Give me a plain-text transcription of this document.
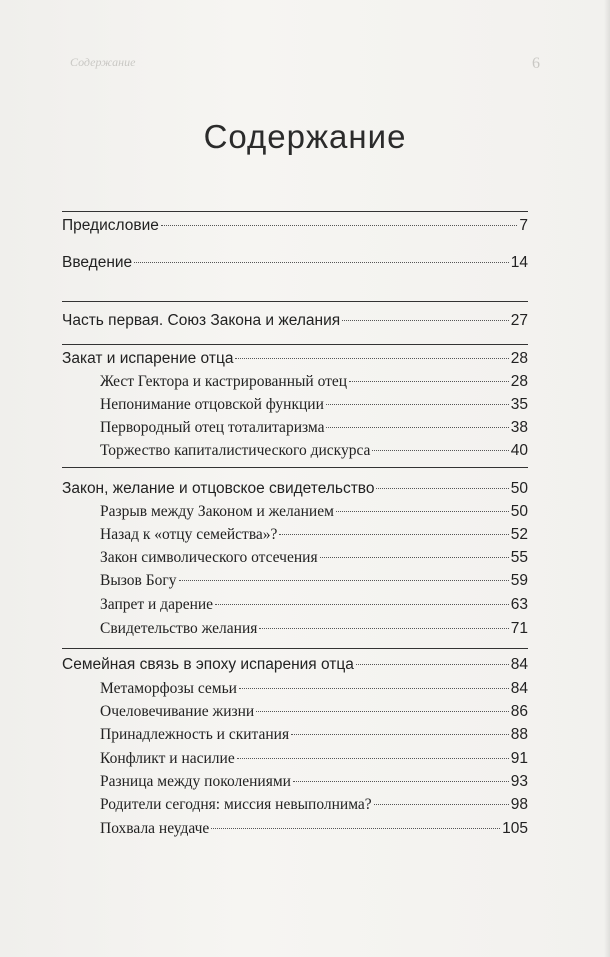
Содержание	6
Содержание
Предисловие	7
Введение	14
Часть первая. Союз Закона и желания	27
Закат и испарение отца	28
Жест Гектора и кастрированный отец	28
Непонимание отцовской функции	35
Первородный отец тоталитаризма	38
Торжество капиталистического дискурса	40
Закон, желание и отцовское свидетельство	50
Разрыв между Законом и желанием	50
Назад к «отцу семейства»?	52
Закон символического отсечения	55
Вызов Богу	59
Запрет и дарение	63
Свидетельство желания	71
Семейная связь в эпоху испарения отца	84
Метаморфозы семьи	84
Очеловечивание жизни	86
Принадлежность и скитания	88
Конфликт и насилие	91
Разница между поколениями	93
Родители сегодня: миссия невыполнима?	98
Похвала неудаче	105
